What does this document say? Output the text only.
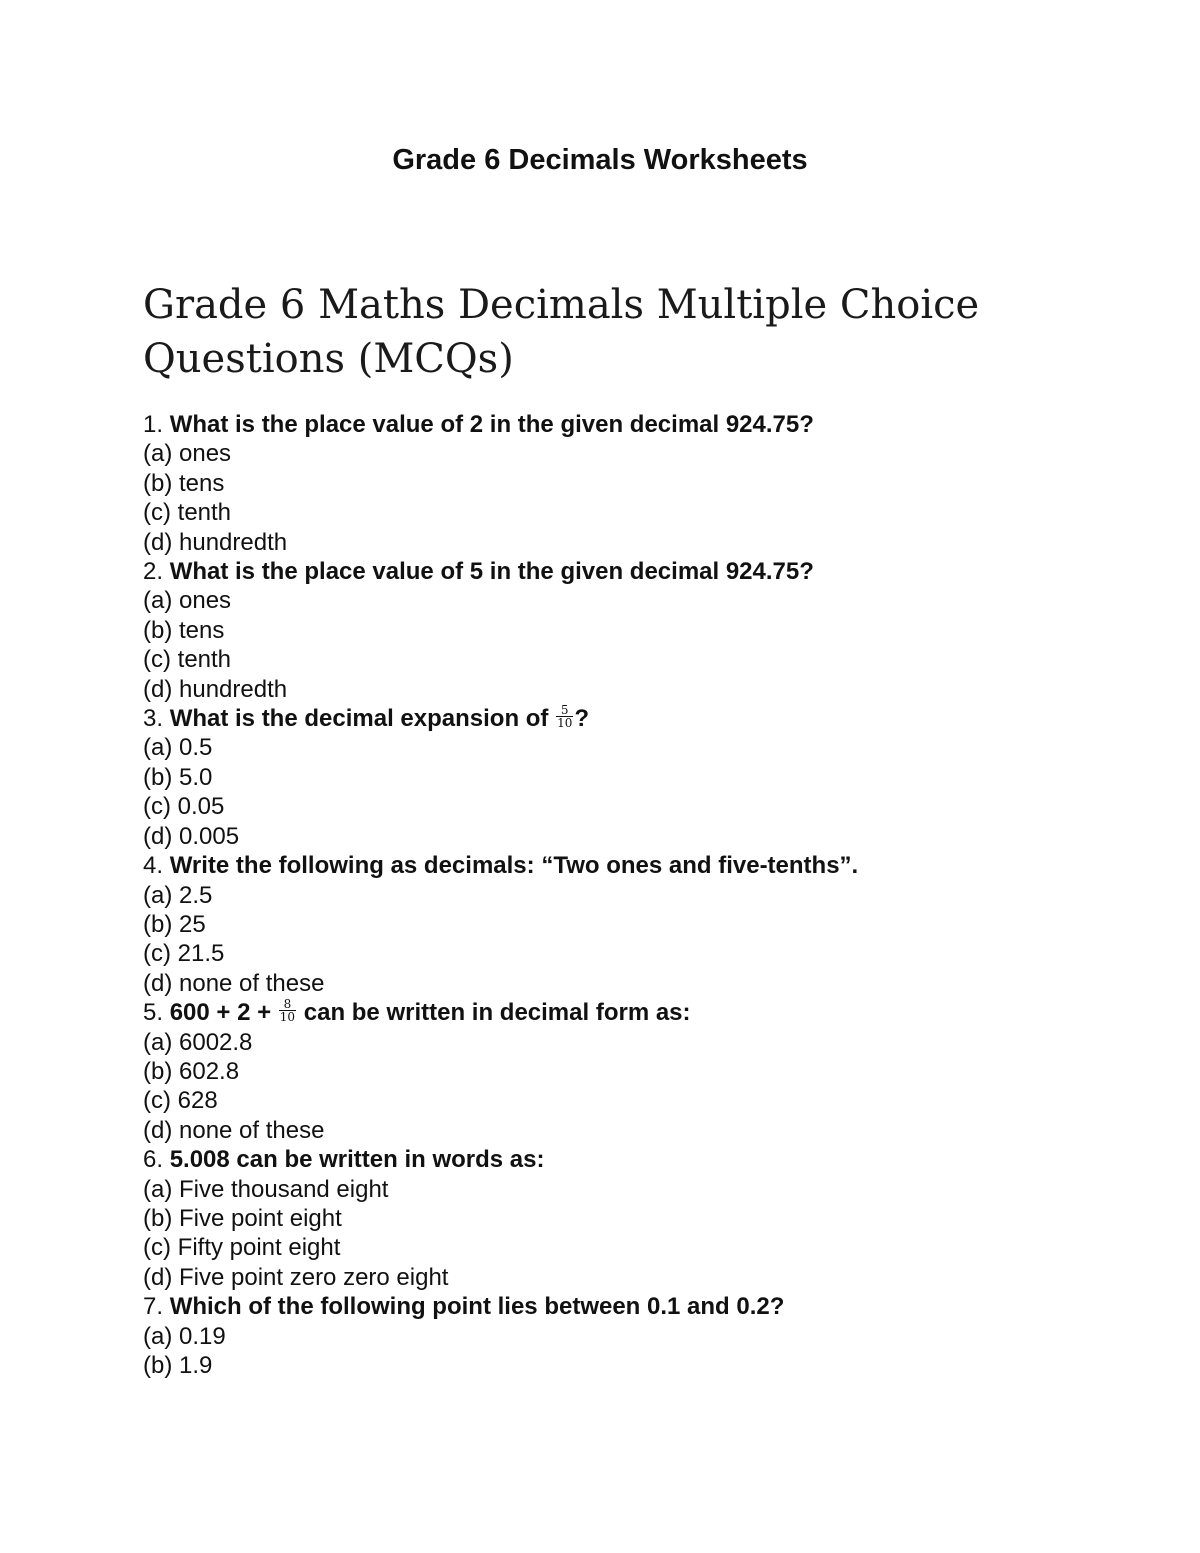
Grade 6 Decimals Worksheets
Grade 6 Maths Decimals Multiple Choice Questions (MCQs)
1. What is the place value of 2 in the given decimal 924.75?
(a) ones
(b) tens
(c) tenth
(d) hundredth
2. What is the place value of 5 in the given decimal 924.75?
(a) ones
(b) tens
(c) tenth
(d) hundredth
3. What is the decimal expansion of $\frac{5}{10}$ ?
(a) 0.5
(b) 5.0
(c) 0.05
(d) 0.005
4. Write the following as decimals: “Two ones and five-tenths”.
(a) 2.5
(b) 25
(c) 21.5
(d) none of these
5. $600 + 2 + \frac{8}{10}$ can be written in decimal form as:
(a) 6002.8
(b) 602.8
(c) 628
(d) none of these
6. 5.008 can be written in words as:
(a) Five thousand eight
(b) Five point eight
(c) Fifty point eight
(d) Five point zero zero eight
7. Which of the following point lies between 0.1 and 0.2?
(a) 0.19
(b) 1.9
